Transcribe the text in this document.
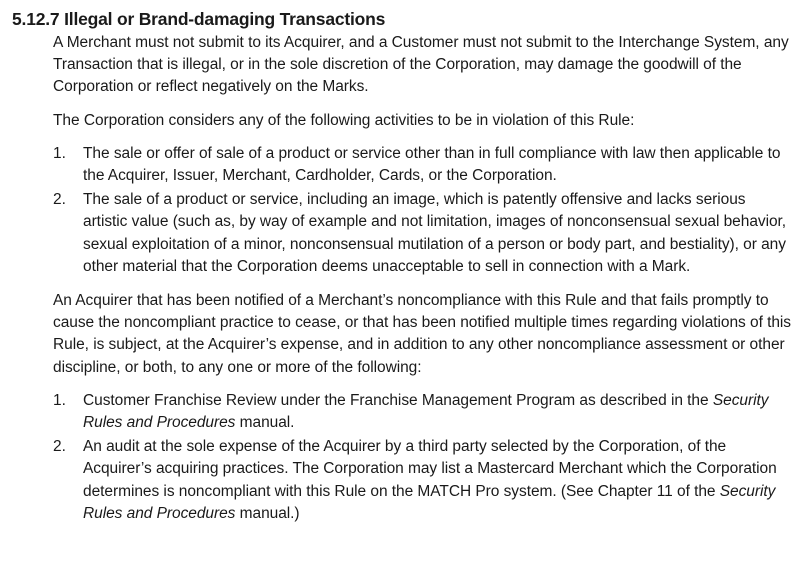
5.12.7 Illegal or Brand-damaging Transactions

A Merchant must not submit to its Acquirer, and a Customer must not submit to the Interchange System, any Transaction that is illegal, or in the sole discretion of the Corporation, may damage the goodwill of the Corporation or reflect negatively on the Marks.

The Corporation considers any of the following activities to be in violation of this Rule:

1.	The sale or offer of sale of a product or service other than in full compliance with law then applicable to the Acquirer, Issuer, Merchant, Cardholder, Cards, or the Corporation.
2.	The sale of a product or service, including an image, which is patently offensive and lacks serious artistic value (such as, by way of example and not limitation, images of nonconsensual sexual behavior, sexual exploitation of a minor, nonconsensual mutilation of a person or body part, and bestiality), or any other material that the Corporation deems unacceptable to sell in connection with a Mark.

An Acquirer that has been notified of a Merchant’s noncompliance with this Rule and that fails promptly to cause the noncompliant practice to cease, or that has been notified multiple times regarding violations of this Rule, is subject, at the Acquirer’s expense, and in addition to any other noncompliance assessment or other discipline, or both, to any one or more of the following:

1.	Customer Franchise Review under the Franchise Management Program as described in the Security Rules and Procedures manual.
2.	An audit at the sole expense of the Acquirer by a third party selected by the Corporation, of the Acquirer’s acquiring practices. The Corporation may list a Mastercard Merchant which the Corporation determines is noncompliant with this Rule on the MATCH Pro system. (See Chapter 11 of the Security Rules and Procedures manual.)
